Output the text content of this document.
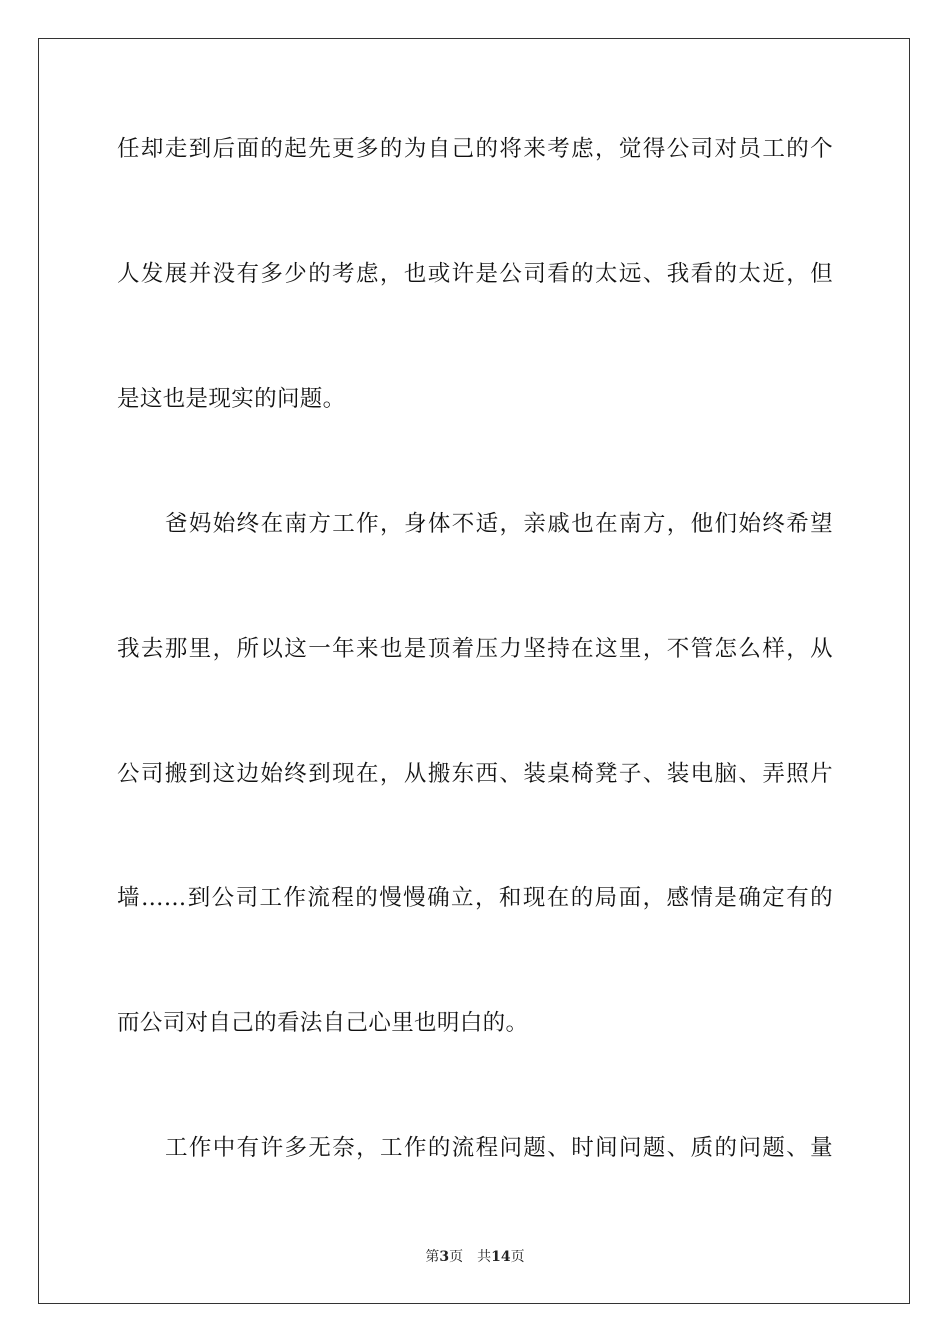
任却走到后面的起先更多的为自己的将来考虑，觉得公司对员工的个
人发展并没有多少的考虑，也或许是公司看的太远、我看的太近，但
是这也是现实的问题。
爸妈始终在南方工作，身体不适，亲戚也在南方，他们始终希望
我去那里，所以这一年来也是顶着压力坚持在这里，不管怎么样，从
公司搬到这边始终到现在，从搬东西、装桌椅凳子、装电脑、弄照片
墙……到公司工作流程的慢慢确立，和现在的局面，感情是确定有的
而公司对自己的看法自己心里也明白的。
工作中有许多无奈，工作的流程问题、时间问题、质的问题、量
第3页 共14页
